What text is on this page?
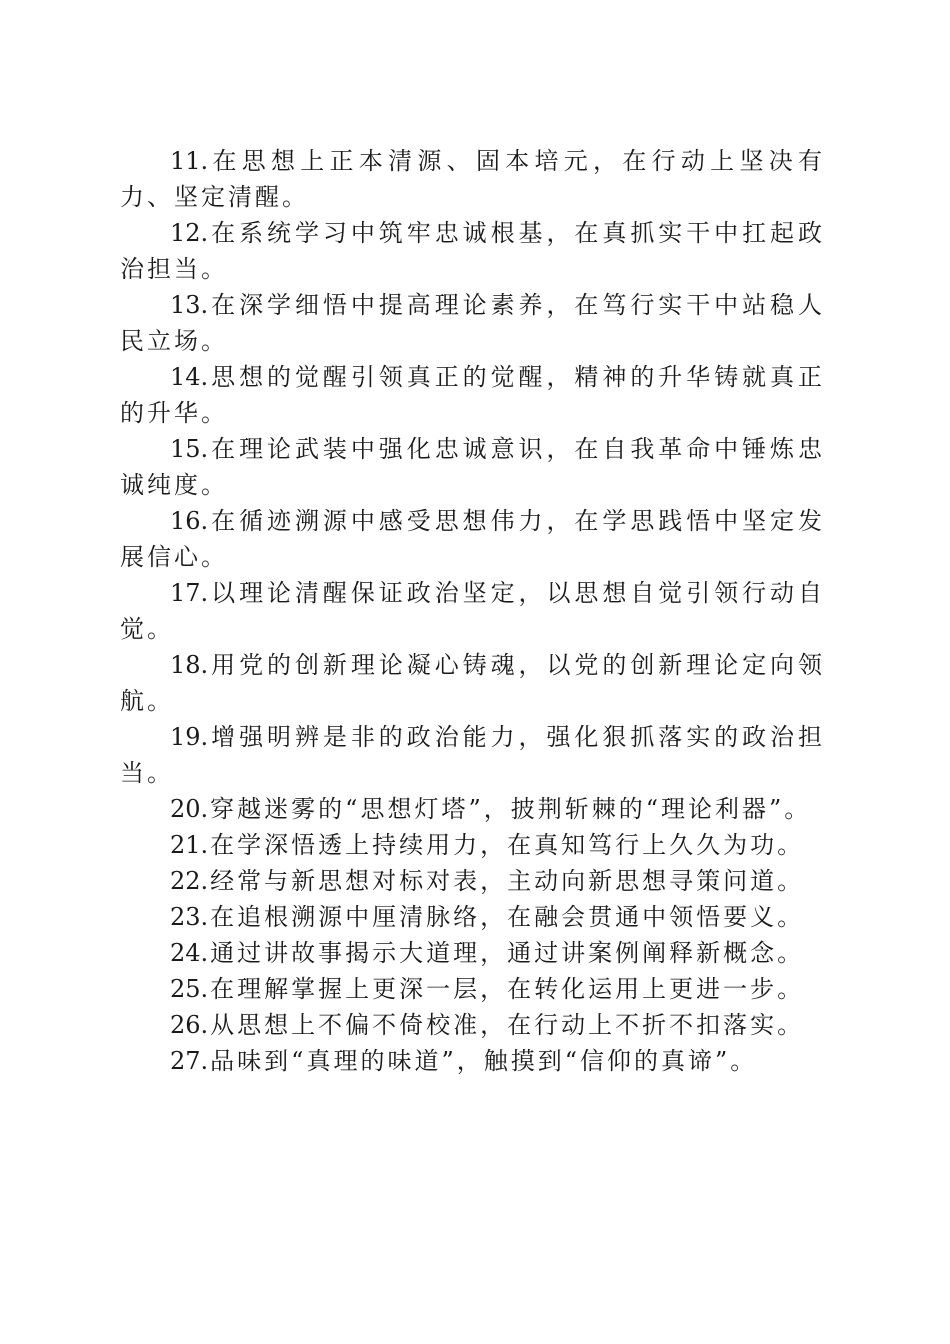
11.在思想上正本清源、固本培元，在行动上坚决有力、坚定清醒。

12.在系统学习中筑牢忠诚根基，在真抓实干中扛起政治担当。

13.在深学细悟中提高理论素养，在笃行实干中站稳人民立场。

14.思想的觉醒引领真正的觉醒，精神的升华铸就真正的升华。

15.在理论武装中强化忠诚意识，在自我革命中锤炼忠诚纯度。

16.在循迹溯源中感受思想伟力，在学思践悟中坚定发展信心。

17.以理论清醒保证政治坚定，以思想自觉引领行动自觉。

18.用党的创新理论凝心铸魂，以党的创新理论定向领航。

19.增强明辨是非的政治能力，强化狠抓落实的政治担当。

20.穿越迷雾的“思想灯塔”，披荆斩棘的“理论利器”。

21.在学深悟透上持续用力，在真知笃行上久久为功。

22.经常与新思想对标对表，主动向新思想寻策问道。

23.在追根溯源中厘清脉络，在融会贯通中领悟要义。

24.通过讲故事揭示大道理，通过讲案例阐释新概念。

25.在理解掌握上更深一层，在转化运用上更进一步。

26.从思想上不偏不倚校准，在行动上不折不扣落实。

27.品味到“真理的味道”，触摸到“信仰的真谛”。
